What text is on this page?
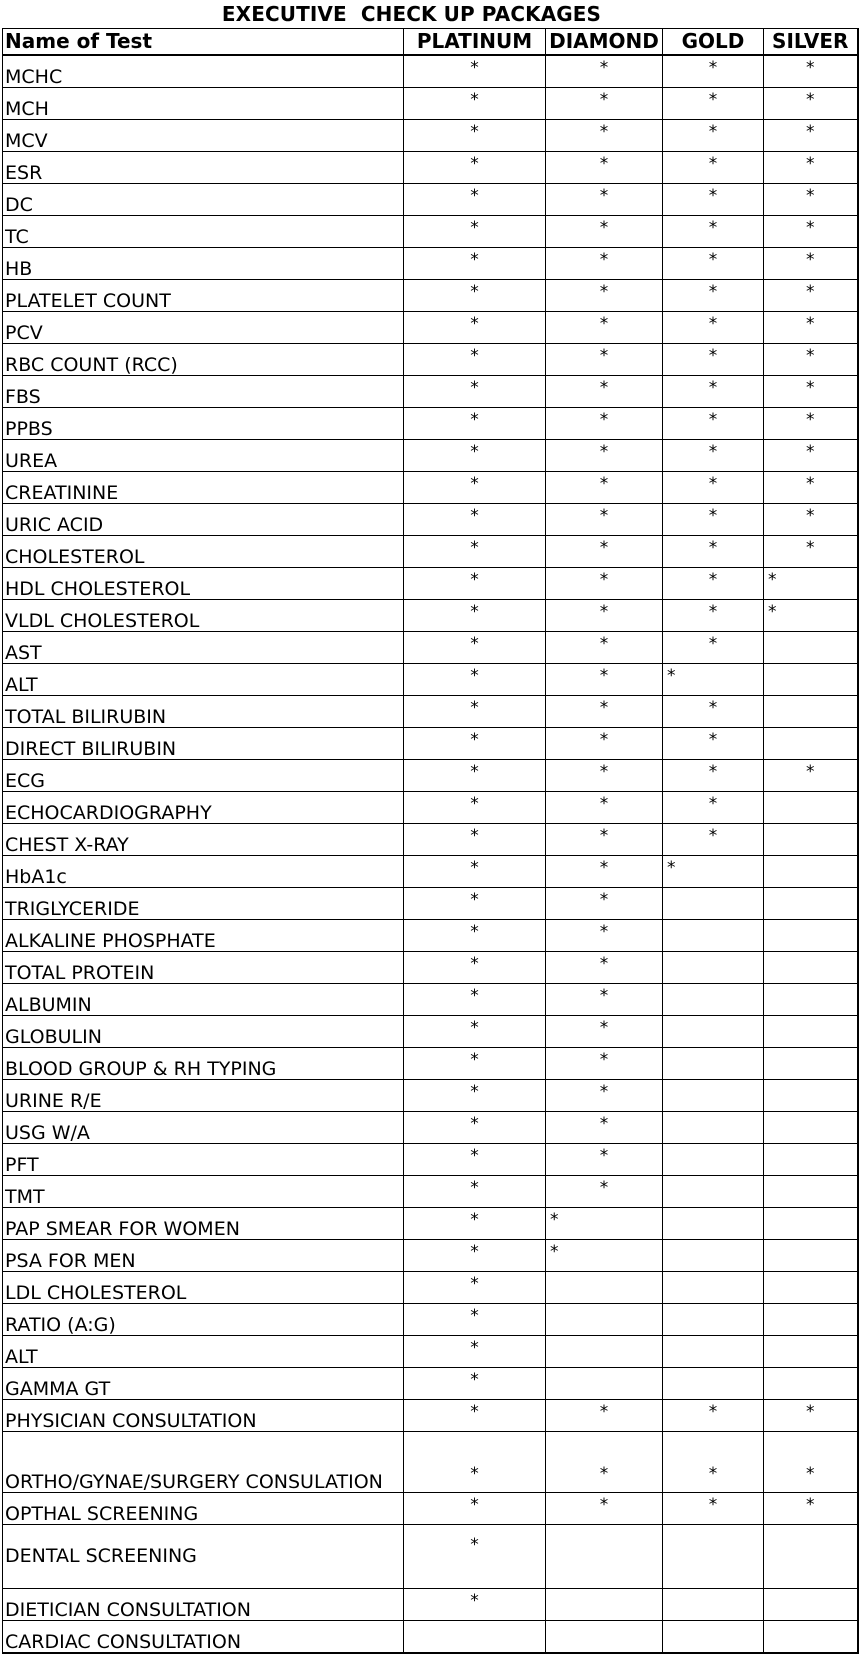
EXECUTIVE  CHECK UP PACKAGES
Name of Test	PLATINUM	DIAMOND	GOLD	SILVER
MCHC	*	*	*	*
MCH	*	*	*	*
MCV	*	*	*	*
ESR	*	*	*	*
DC	*	*	*	*
TC	*	*	*	*
HB	*	*	*	*
PLATELET COUNT	*	*	*	*
PCV	*	*	*	*
RBC COUNT (RCC)	*	*	*	*
FBS	*	*	*	*
PPBS	*	*	*	*
UREA	*	*	*	*
CREATININE	*	*	*	*
URIC ACID	*	*	*	*
CHOLESTEROL	*	*	*	*
HDL CHOLESTEROL	*	*	*	*
VLDL CHOLESTEROL	*	*	*	*
AST	*	*	*	
ALT	*	*	*	
TOTAL BILIRUBIN	*	*	*	
DIRECT BILIRUBIN	*	*	*	
ECG	*	*	*	*
ECHOCARDIOGRAPHY	*	*	*	
CHEST X-RAY	*	*	*	
HbA1c	*	*	*	
TRIGLYCERIDE	*	*		
ALKALINE PHOSPHATE	*	*		
TOTAL PROTEIN	*	*		
ALBUMIN	*	*		
GLOBULIN	*	*		
BLOOD GROUP & RH TYPING	*	*		
URINE R/E	*	*		
USG W/A	*	*		
PFT	*	*		
TMT	*	*		
PAP SMEAR FOR WOMEN	*	*		
PSA FOR MEN	*	*		
LDL CHOLESTEROL	*			
RATIO (A:G)	*			
ALT	*			
GAMMA GT	*			
PHYSICIAN CONSULTATION	*	*	*	*
ORTHO/GYNAE/SURGERY CONSULATION	*	*	*	*
OPTHAL SCREENING	*	*	*	*
DENTAL SCREENING	*			
DIETICIAN CONSULTATION	*			
CARDIAC CONSULTATION				
